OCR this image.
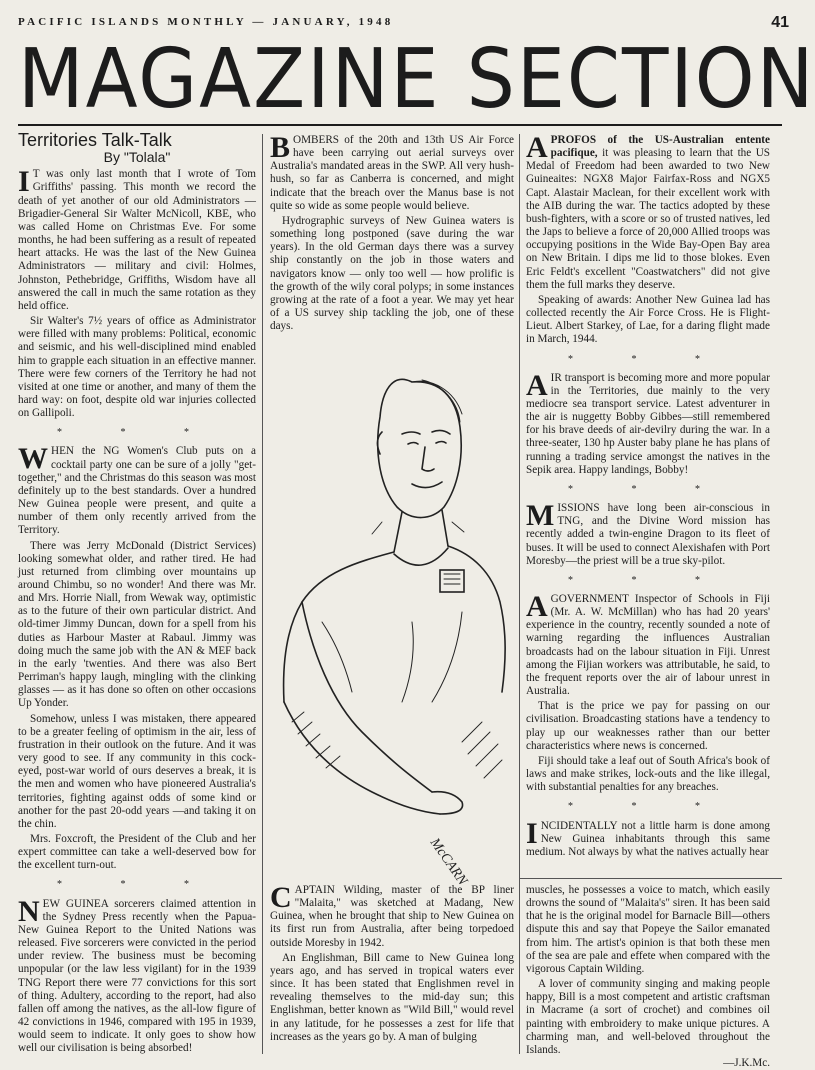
PACIFIC ISLANDS MONTHLY — JANUARY, 1948	41
MAGAZINE SECTION
Territories Talk-Talk
By "Tolala"

I T was only last month that I wrote of Tom Griffiths' passing. This month we record the death of yet another of our old Administrators — Brigadier-General Sir Walter McNicoll, KBE, who was called Home on Christmas Eve. For some months, he had been suffering as a result of repeated heart attacks. He was the last of the New Guinea Administrators — military and civil: Holmes, Johnston, Pethebridge, Griffiths, Wisdom have all answered the call in much the same rotation as they held office.

Sir Walter's 7½ years of office as Administrator were filled with many problems: Political, economic and seismic, and his well-disciplined mind enabled him to grapple each situation in an effective manner. There were few corners of the Territory he had not visited at one time or another, and many of them the hard way: on foot, despite old war injuries collected on Gallipoli.

* * *

WHEN the NG Women's Club puts on a cocktail party one can be sure of a jolly "get-together," and the Christmas do this season was most definitely up to the best standards. Over a hundred New Guinea people were present, and quite a number of them only recently arrived from the Territory.

There was Jerry McDonald (District Services) looking somewhat older, and rather tired. He had just returned from climbing over mountains up around Chimbu, so no wonder! And there was Mr. and Mrs. Horrie Niall, from Wewak way, optimistic as to the future of their own particular district. And old-timer Jimmy Duncan, down for a spell from his duties as Harbour Master at Rabaul. Jimmy was doing much the same job with the AN & MEF back in the early 'twenties. And there was also Bert Perriman's happy laugh, mingling with the clinking glasses — as it has done so often on other occasions Up Yonder.

Somehow, unless I was mistaken, there appeared to be a greater feeling of optimism in the air, less of frustration in their outlook on the future. And it was very good to see. If any community in this cock-eyed, post-war world of ours deserves a break, it is the men and women who have pioneered Australia's territories, fighting against odds of some kind or another for the past 20-odd years —and taking it on the chin.

Mrs. Foxcroft, the President of the Club and her expert committee can take a well-deserved bow for the excellent turn-out.

* * *

NEW GUINEA sorcerers claimed attention in the Sydney Press recently when the Papua-New Guinea Report to the United Nations was released. Five sorcerers were convicted in the period under review. The business must be becoming unpopular (or the law less vigilant) for in the 1939 TNG Report there were 77 convictions for this sort of thing. Adultery, according to the report, had also fallen off among the natives, as the all-low figure of 42 convictions in 1946, compared with 195 in 1939, would seem to indicate. It only goes to show how well our civilisation is being absorbed!

BOMBERS of the 20th and 13th US Air Force have been carrying out aerial surveys over Australia's mandated areas in the SWP. All very hush-hush, so far as Canberra is concerned, and might indicate that the breach over the Manus base is not quite so wide as some people would believe.

Hydrographic surveys of New Guinea waters is something long postponed (save during the war years). In the old German days there was a survey ship constantly on the job in those waters and navigators know — only too well — how prolific is the growth of the wily coral polyps; in some instances growing at the rate of a foot a year. We may yet hear of a US survey ship tackling the job, one of these days.

McCARN

CAPTAIN Wilding, master of the BP liner "Malaita," was sketched at Madang, New Guinea, when he brought that ship to New Guinea on its first run from Australia, after being torpedoed outside Moresby in 1942.

An Englishman, Bill came to New Guinea long years ago, and has served in tropical waters ever since. It has been stated that Englishmen revel in revealing themselves to the mid-day sun; this Englishman, better known as "Wild Bill," would revel in any latitude, for he possesses a zest for life that increases as the years go by. A man of bulging

APROFOS of the US-Australian entente pacifique, it was pleasing to learn that the US Medal of Freedom had been awarded to two New Guineaites: NGX8 Major Fairfax-Ross and NGX5 Capt. Alastair Maclean, for their excellent work with the AIB during the war. The tactics adopted by these bush-fighters, with a score or so of trusted natives, led the Japs to believe a force of 20,000 Allied troops was occupying positions in the Wide Bay-Open Bay area on New Britain. I dips me lid to those blokes. Even Eric Feldt's excellent "Coastwatchers" did not give them the full marks they deserve.

Speaking of awards: Another New Guinea lad has collected recently the Air Force Cross. He is Flight-Lieut. Albert Starkey, of Lae, for a daring flight made in March, 1944.

* * *

AIR transport is becoming more and more popular in the Territories, due mainly to the very mediocre sea transport service. Latest adventurer in the air is nuggetty Bobby Gibbes—still remembered for his brave deeds of air-devilry during the war. In a three-seater, 130 hp Auster baby plane he has plans of running a trading service amongst the natives in the Sepik area. Happy landings, Bobby!

* * *

MISSIONS have long been air-conscious in TNG, and the Divine Word mission has recently added a twin-engine Dragon to its fleet of buses. It will be used to connect Alexishafen with Port Moresby—the priest will be a true sky-pilot.

* * *

A GOVERNMENT Inspector of Schools in Fiji (Mr. A. W. McMillan) who has had 20 years' experience in the country, recently sounded a note of warning regarding the influences Australian broadcasts had on the labour situation in Fiji. Unrest among the Fijian workers was attributable, he said, to the frequent reports over the air of labour unrest in Australia.

That is the price we pay for passing on our civilisation. Broadcasting stations have a tendency to play up our weaknesses rather than our better characteristics where news is concerned.

Fiji should take a leaf out of South Africa's book of laws and make strikes, lock-outs and the like illegal, with substantial penalties for any breaches.

* * *

INCIDENTALLY not a little harm is done among New Guinea inhabitants through this same medium. Not always by what the natives actually hear

muscles, he possesses a voice to match, which easily drowns the sound of "Malaita's" siren. It has been said that he is the original model for Barnacle Bill—others dispute this and say that Popeye the Sailor emanated from him. The artist's opinion is that both these men of the sea are pale and effete when compared with the vigorous Captain Wilding.

A lover of community singing and making people happy, Bill is a most competent and artistic craftsman in Macrame (a sort of crochet) and combines oil painting with embroidery to make unique pictures. A charming man, and well-beloved throughout the Islands.

—J.K.Mc.
